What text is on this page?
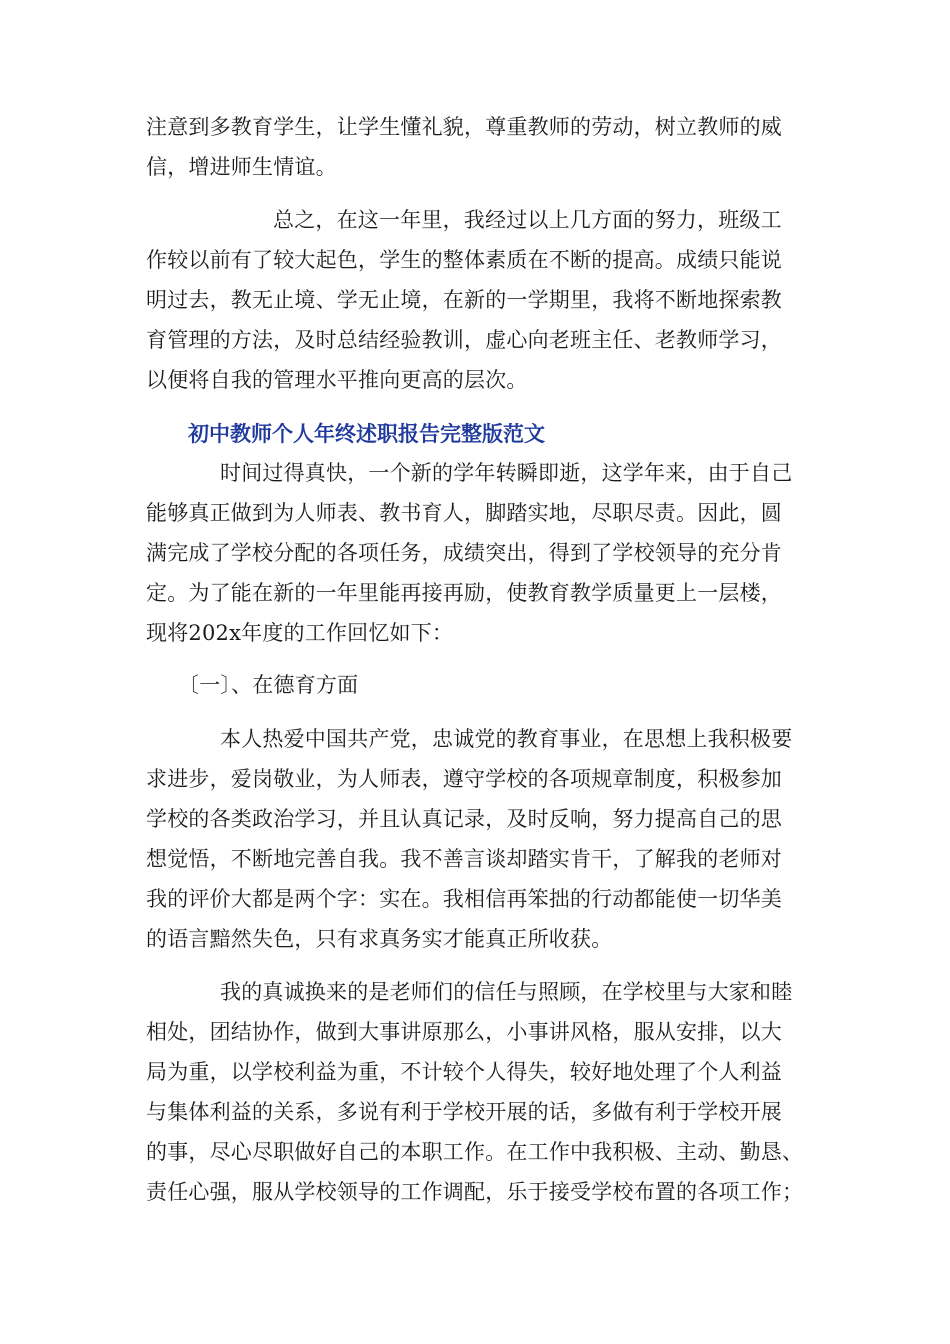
注意到多教育学生，让学生懂礼貌，尊重教师的劳动，树立教师的威
信，增进师生情谊。
总之，在这一年里，我经过以上几方面的努力，班级工
作较以前有了较大起色，学生的整体素质在不断的提高。成绩只能说
明过去，教无止境、学无止境，在新的一学期里，我将不断地探索教
育管理的方法，及时总结经验教训，虚心向老班主任、老教师学习，
以便将自我的管理水平推向更高的层次。
初中教师个人年终述职报告完整版范文
时间过得真快，一个新的学年转瞬即逝，这学年来，由于自己
能够真正做到为人师表、教书育人，脚踏实地，尽职尽责。因此，圆
满完成了学校分配的各项任务，成绩突出，得到了学校领导的充分肯
定。为了能在新的一年里能再接再励，使教育教学质量更上一层楼，
现将202x年度的工作回忆如下：
〔一〕、在德育方面
本人热爱中国共产党，忠诚党的教育事业，在思想上我积极要
求进步，爱岗敬业，为人师表，遵守学校的各项规章制度，积极参加
学校的各类政治学习，并且认真记录，及时反响，努力提高自己的思
想觉悟，不断地完善自我。我不善言谈却踏实肯干，了解我的老师对
我的评价大都是两个字：实在。我相信再笨拙的行动都能使一切华美
的语言黯然失色，只有求真务实才能真正所收获。
我的真诚换来的是老师们的信任与照顾，在学校里与大家和睦
相处，团结协作，做到大事讲原那么，小事讲风格，服从安排，以大
局为重，以学校利益为重，不计较个人得失，较好地处理了个人利益
与集体利益的关系，多说有利于学校开展的话，多做有利于学校开展
的事，尽心尽职做好自己的本职工作。在工作中我积极、主动、勤恳、
责任心强，服从学校领导的工作调配，乐于接受学校布置的各项工作；
